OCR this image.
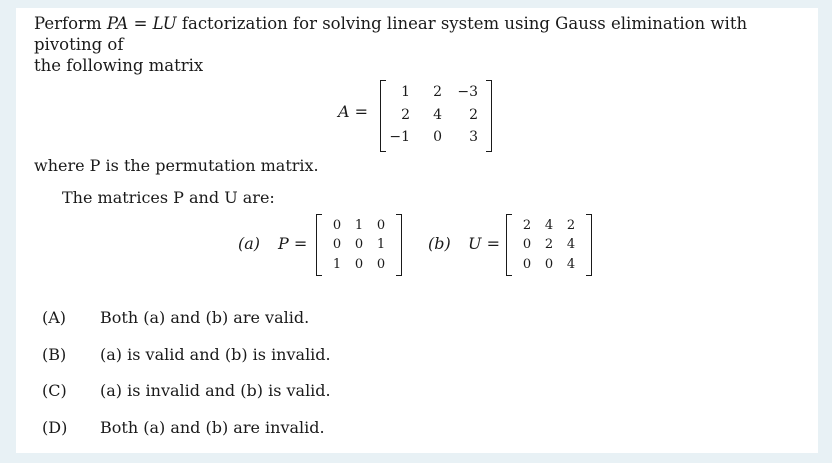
Perform PA = LU factorization for solving linear system using Gauss elimination with pivoting of
the following matrix
A =
1	2	−3
2	4	2
−1	0	3
where P is the permutation matrix.
The matrices P and U are:
(a) P =
0	1	0
0	0	1
1	0	0
(b) U =
2	4	2
0	2	4
0	0	4
(A) Both (a) and (b) are valid.
(B) (a) is valid and (b) is invalid.
(C) (a) is invalid and (b) is valid.
(D) Both (a) and (b) are invalid.
